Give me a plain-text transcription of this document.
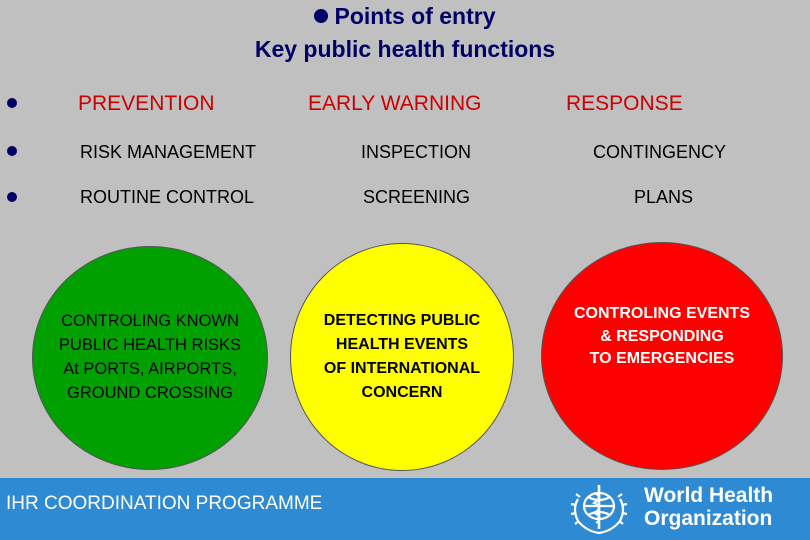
Points of entry
Key public health functions
PREVENTION	EARLY WARNING	RESPONSE
RISK MANAGEMENT	INSPECTION	CONTINGENCY
ROUTINE CONTROL	SCREENING	PLANS
CONTROLING KNOWN
PUBLIC HEALTH RISKS
At PORTS, AIRPORTS,
GROUND CROSSING
DETECTING PUBLIC
HEALTH EVENTS
OF INTERNATIONAL
CONCERN
CONTROLING EVENTS
& RESPONDING
TO EMERGENCIES
IHR COORDINATION PROGRAMME	World Health
Organization
